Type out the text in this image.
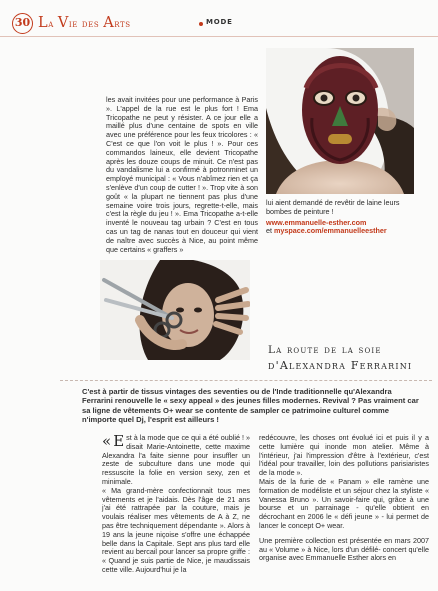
30 La Vie des Arts	MODE

les avait invitées pour une performance à Paris ». L'appel de la rue est le plus fort ! Ema Tricopathe ne peut y résister. A ce jour elle a maillé plus d'une centaine de spots en ville avec une préférence pour les feux tricolores : « C'est ce que l'on voit le plus ! ». Pour ces commandos laineux, elle devient Tricopathe après les douze coups de minuit. Ce n'est pas du vandalisme lui a confirmé à potronminet un employé municipal : « Vous n'abîmez rien et ça s'enlève d'un coup de cutter ! ». Trop vite à son goût « la plupart ne tiennent pas plus d'une semaine voire trois jours, regrette-t-elle, mais c'est la règle du jeu ! ». Ema Tricopathe a-t-elle inventé le nouveau tag urbain ? C'est en tous cas un tag de nanas tout en douceur qui vient de naître avec succès à Nice, au point même que certains « graffers »

lui aient demandé de revêtir de laine leurs bombes de peinture !

www.emmanuelle-esther.com

et myspace.com/emmanuelleesther

La route de la soie
d'Alexandra Ferrarini
C'est à partir de tissus vintages des seventies ou de l'Inde traditionnelle qu'Alexandra Ferrarini renouvelle le « sexy appeal » des jeunes filles modernes. Revival ? Pas vraiment car sa ligne de vêtements O+ wear se contente de sampler ce patrimoine culturel comme n'importe quel Dj, l'esprit est ailleurs !

« E st à la mode que ce qui a été oublié ! » disait Marie-Antoinette, cette maxime Alexandra l'a faite sienne pour insuffler un zeste de subculture dans une mode qui ressuscite la folie en version sexy, zen et minimale.

« Ma grand-mère confectionnait tous mes vêtements et je l'aidais. Dès l'âge de 21 ans j'ai été rattrapée par la couture, mais je voulais réaliser mes vêtements de A à Z, ne pas être techniquement dépendante ». Alors à 19 ans la jeune niçoise s'offre une échappée belle dans la Capitale. Sept ans plus tard elle revient au bercail pour lancer sa propre griffe : « Quand je suis partie de Nice, je maudissais cette ville. Aujourd'hui je la

redécouvre, les choses ont évolué ici et puis il y a cette lumière qui inonde mon atelier. Même à l'intérieur, j'ai l'impression d'être à l'extérieur, c'est l'idéal pour travailler, loin des pollutions parisiaristes de la mode ».

Mais de la furie de « Panam » elle ramène une formation de modéliste et un séjour chez la styliste « Vanessa Bruno ». Un savoir-faire qui, grâce à une bourse et un parrainage - qu'elle obtient en décrochant en 2006 le « défi jeune » - lui permet de lancer le concept O+ wear.

Une première collection est présentée en mars 2007 au « Volume » à Nice, lors d'un défilé- concert qu'elle organise avec Emmanuelle Esther alors en
